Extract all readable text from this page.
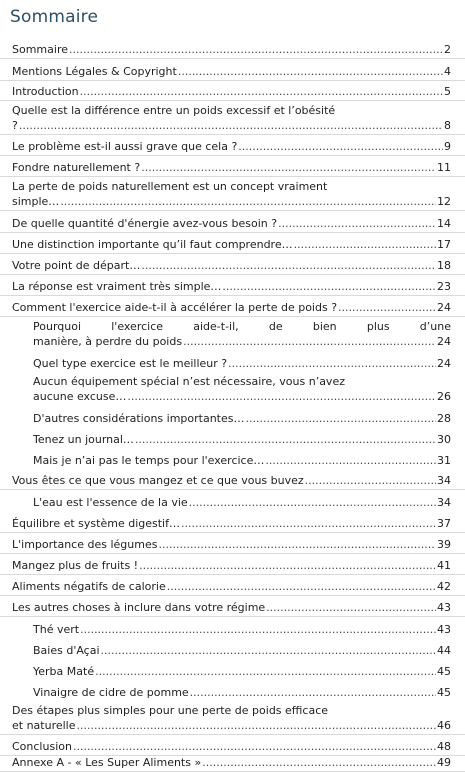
Sommaire
Sommaire .....	2
Mentions Légales & Copyright .....	4
Introduction .....	5
Quelle est la différence entre un poids excessif et l’obésité
? .....	8
Le problème est-il aussi grave que cela ? .....	9
Fondre naturellement ? .....	11
La perte de poids naturellement est un concept vraiment
simple… .....	12
De quelle quantité d'énergie avez-vous besoin ? .....	14
Une distinction importante qu’il faut comprendre… .....	17
Votre point de départ… .....	18
La réponse est vraiment très simple… .....	23
Comment l'exercice aide-t-il à accélérer la perte de poids ? .....	24
Pourquoi l'exercice aide-t-il, de bien plus d’une
manière, à perdre du poids .....	24
Quel type exercice est le meilleur ? .....	24
Aucun équipement spécial n’est nécessaire, vous n’avez
aucune excuse… .....	26
D'autres considérations importantes… .....	28
Tenez un journal… .....	30
Mais je n’ai pas le temps pour l'exercice… .....	31
Vous êtes ce que vous mangez et ce que vous buvez .....	34
L'eau est l'essence de la vie .....	34
Équilibre et système digestif… .....	37
L'importance des légumes .....	39
Mangez plus de fruits ! .....	41
Aliments négatifs de calorie .....	42
Les autres choses à inclure dans votre régime .....	43
Thé vert .....	43
Baies d'Açai .....	44
Yerba Maté .....	45
Vinaigre de cidre de pomme .....	45
Des étapes plus simples pour une perte de poids efficace
et naturelle .....	46
Conclusion .....	48
Annexe A - « Les Super Aliments » .....	49
